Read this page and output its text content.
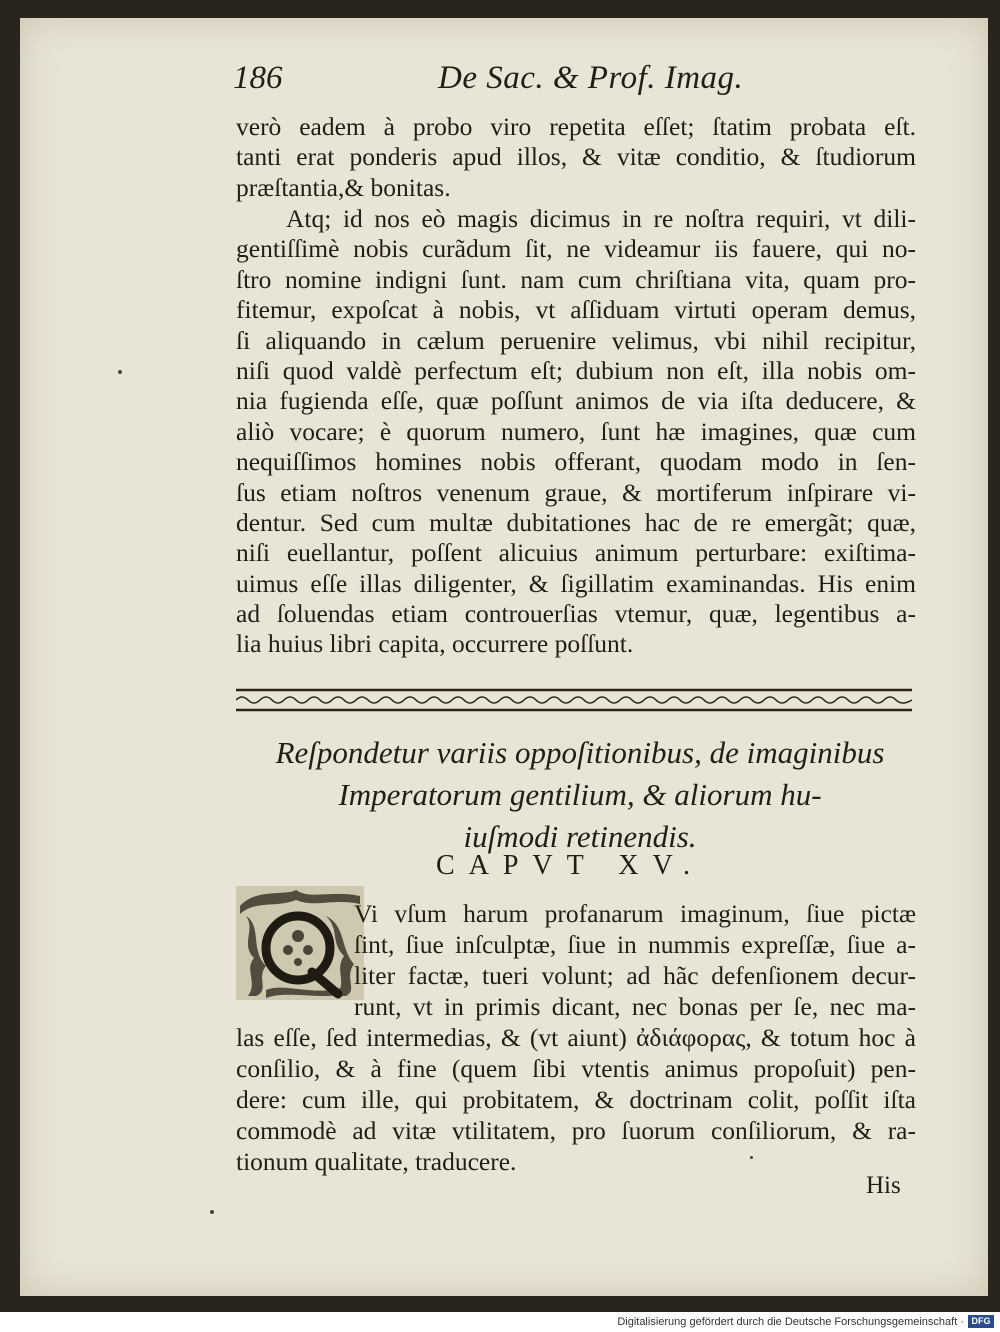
186	De Sac. & Prof. Imag.
verò eadem à probo viro repetita eſſet; ſtatim probata eſt.
tanti erat ponderis apud illos, & vitæ conditio, & ſtudiorum
præſtantia,& bonitas.
Atq; id nos eò magis dicimus in re noſtra requiri, vt dili-
gentiſſimè nobis curãdum ſit, ne videamur iis fauere, qui no-
ſtro nomine indigni ſunt. nam cum chriſtiana vita, quam pro-
fitemur, expoſcat à nobis, vt aſſiduam virtuti operam demus,
ſi aliquando in cælum peruenire velimus, vbi nihil recipitur,
niſi quod valdè perfectum eſt; dubium non eſt, illa nobis om-
nia fugienda eſſe, quæ poſſunt animos de via iſta deducere, &
aliò vocare; è quorum numero, ſunt hæ imagines, quæ cum
nequiſſimos homines nobis offerant, quodam modo in ſen-
ſus etiam noſtros venenum graue, & mortiferum inſpirare vi-
dentur. Sed cum multæ dubitationes hac de re emergãt; quæ,
niſi euellantur, poſſent alicuius animum perturbare: exiſtima-
uimus eſſe illas diligenter, & ſigillatim examinandas. His enim
ad ſoluendas etiam controuerſias vtemur, quæ, legentibus a-
lia huius libri capita, occurrere poſſunt.
Reſpondetur variis oppoſitionibus, de imaginibus
Imperatorum gentilium, & aliorum hu-
iuſmodi retinendis.
CAPVT XV.
Vi vſum harum profanarum imaginum, ſiue pictæ
ſint, ſiue inſculptæ, ſiue in nummis expreſſæ, ſiue a-
liter factæ, tueri volunt; ad hãc defenſionem decur-
runt, vt in primis dicant, nec bonas per ſe, nec ma-
las eſſe, ſed intermedias, & (vt aiunt) ἀδιάφορας, & totum hoc à
conſilio, & à fine (quem ſibi vtentis animus propoſuit) pen-
dere: cum ille, qui probitatem, & doctrinam colit, poſſit iſta
commodè ad vitæ vtilitatem, pro ſuorum conſiliorum, & ra-
tionum qualitate, traducere.
His
Digitalisierung gefördert durch die Deutsche Forschungsgemeinschaft · DFG
